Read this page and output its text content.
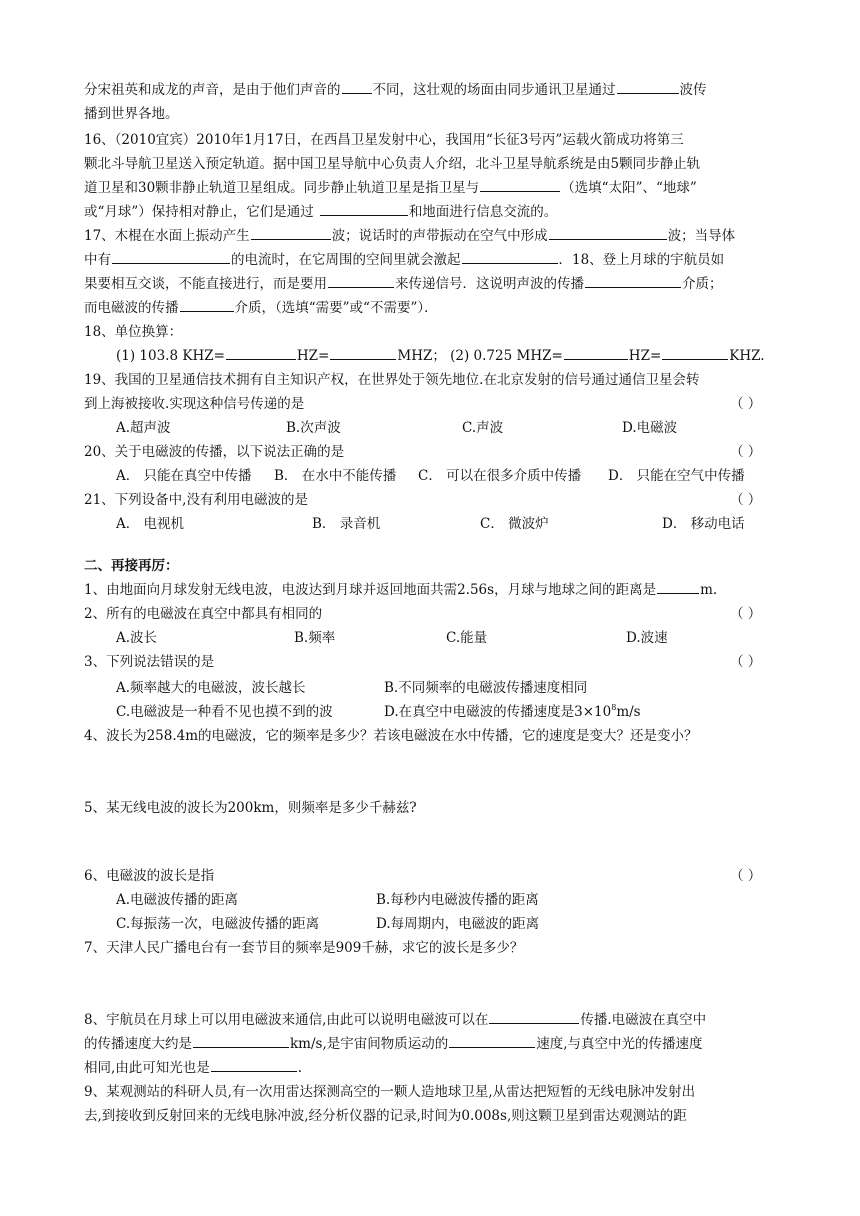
分宋祖英和成龙的声音，是由于他们声音的 不同，这壮观的场面由同步通讯卫星通过	波传
播到世界各地。
16、（2010宜宾）2010年1月17日，在西昌卫星发射中心，我国用“长征3号丙”运载火箭成功将第三
颗北斗导航卫星送入预定轨道。据中国卫星导航中心负责人介绍，北斗卫星导航系统是由5颗同步静止轨
道卫星和30颗非静止轨道卫星组成。同步静止轨道卫星是指卫星与	（选填“太阳”、“地球”
或“月球”）保持相对静止，它们是通过	和地面进行信息交流的。
17、木棍在水面上振动产生	波；说话时的声带振动在空气中形成	波；当导体
中有	的电流时，在它周围的空间里就会激起	．18、登上月球的宇航员如
果要相互交谈，不能直接进行，而是要用	来传递信号．这说明声波的传播	介质；
而电磁波的传播	介质，（选填“需要”或“不需要”）．
18、单位换算：
(1) 103.8 KHZ=	HZ=	MHZ； (2) 0.725 MHZ=	HZ=	KHZ.
19、我国的卫星通信技术拥有自主知识产权，在世界处于领先地位.在北京发射的信号通过通信卫星会转
到上海被接收.实现这种信号传递的是	（ ）
A.超声波	B.次声波	C.声波	D.电磁波
20、关于电磁波的传播，以下说法正确的是	（ ）
A． 只能在真空中传播 B． 在水中不能传播 C． 可以在很多介质中传播 D． 只能在空气中传播
21、下列设备中,没有利用电磁波的是	（ ）
A． 电视机	B． 录音机	C． 微波炉	D． 移动电话
二、再接再厉：
1、由地面向月球发射无线电波，电波达到月球并返回地面共需2.56s，月球与地球之间的距离是	m.
2、所有的电磁波在真空中都具有相同的	（ ）
A.波长	B.频率	C.能量	D.波速
3、下列说法错误的是	（ ）
A.频率越大的电磁波，波长越长	B.不同频率的电磁波传播速度相同
C.电磁波是一种看不见也摸不到的波	D.在真空中电磁波的传播速度是$3\times 10^8m/s$
4、波长为258.4m的电磁波，它的频率是多少？若该电磁波在水中传播，它的速度是变大？还是变小？
5、某无线电波的波长为200km，则频率是多少千赫兹?
6、电磁波的波长是指	（ ）
A.电磁波传播的距离	B.每秒内电磁波传播的距离
C.每振荡一次，电磁波传播的距离	D.每周期内，电磁波的距离
7、天津人民广播电台有一套节目的频率是909千赫，求它的波长是多少？
8、宇航员在月球上可以用电磁波来通信,由此可以说明电磁波可以在	传播.电磁波在真空中
的传播速度大约是	km/s,是宇宙间物质运动的	速度,与真空中光的传播速度
相同,由此可知光也是	.
9、某观测站的科研人员,有一次用雷达探测高空的一颗人造地球卫星,从雷达把短暂的无线电脉冲发射出
去,到接收到反射回来的无线电脉冲波,经分析仪器的记录,时间为0.008s,则这颗卫星到雷达观测站的距
